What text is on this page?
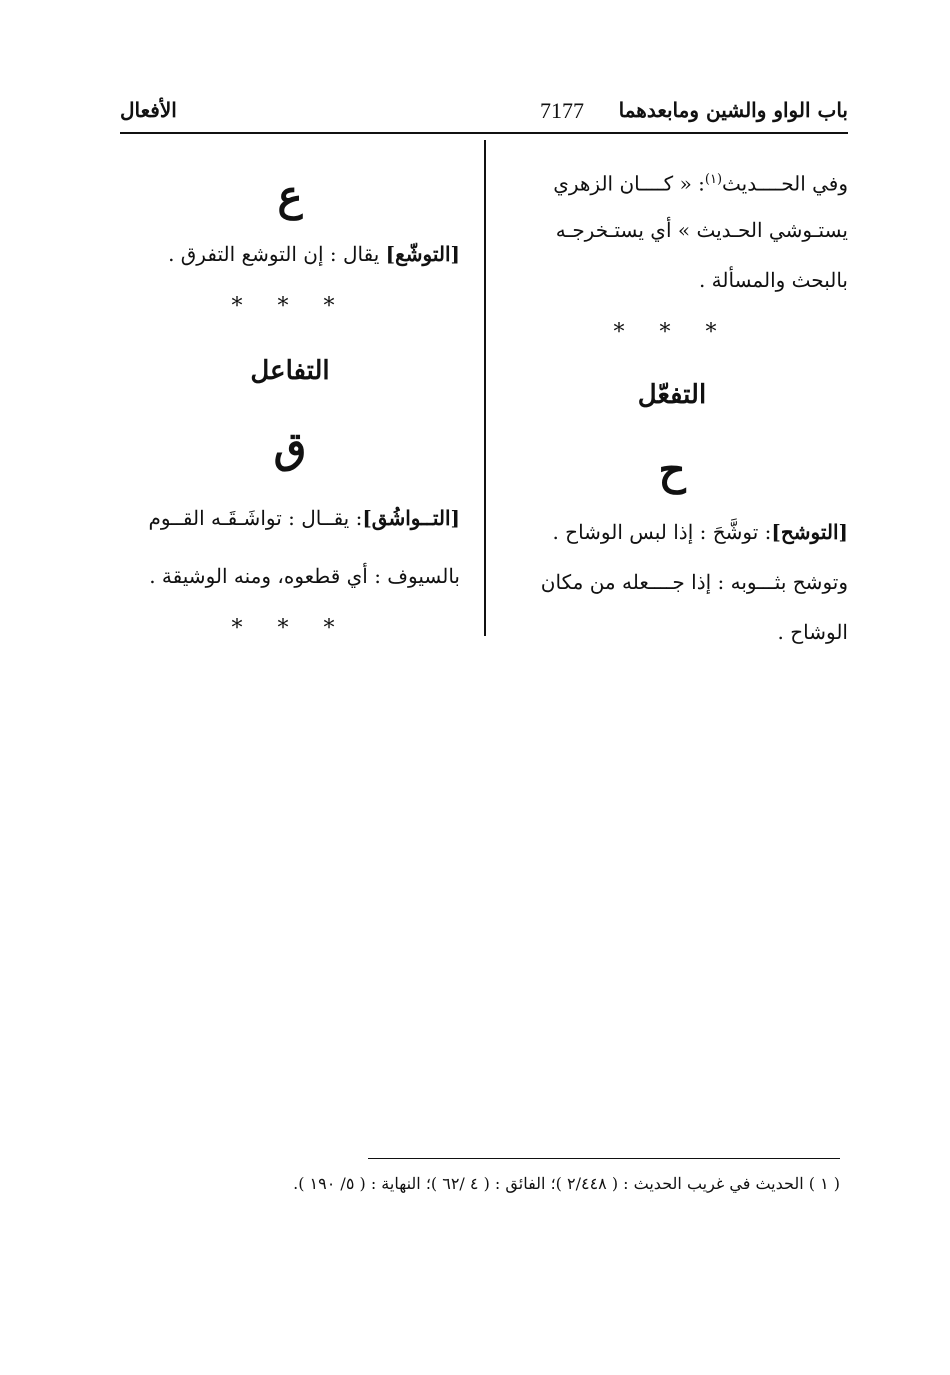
باب الواو والشين ومابعدهما
7177
الأفعال
وفي الحــــديث$^{(١)}$: « كــــان الزهري
يستـوشي الحـديث » أي يستـخرجـه
بالبحث والمسألة .
* * *
التفعّل
ح
[التوشح]: توشَّحَ : إذا لبس الوشاح .
وتوشح بثـــوبه : إذا جــــعله من مكان
الوشاح .
ع
[التوشّع] يقال : إن التوشع التفرق .
* * *
التفاعل
ق
[التــواشُق]: يقــال : تواشَـقَـه القــوم
بالسيوف : أي قطعوه، ومنه الوشيقة .
* * *
( ١ ) الحديث في غريب الحديث : ( ٢/٤٤٨ )؛ الفائق : ( ٤ /٦٢ )؛ النهاية : ( ٥/ ١٩٠ ).
